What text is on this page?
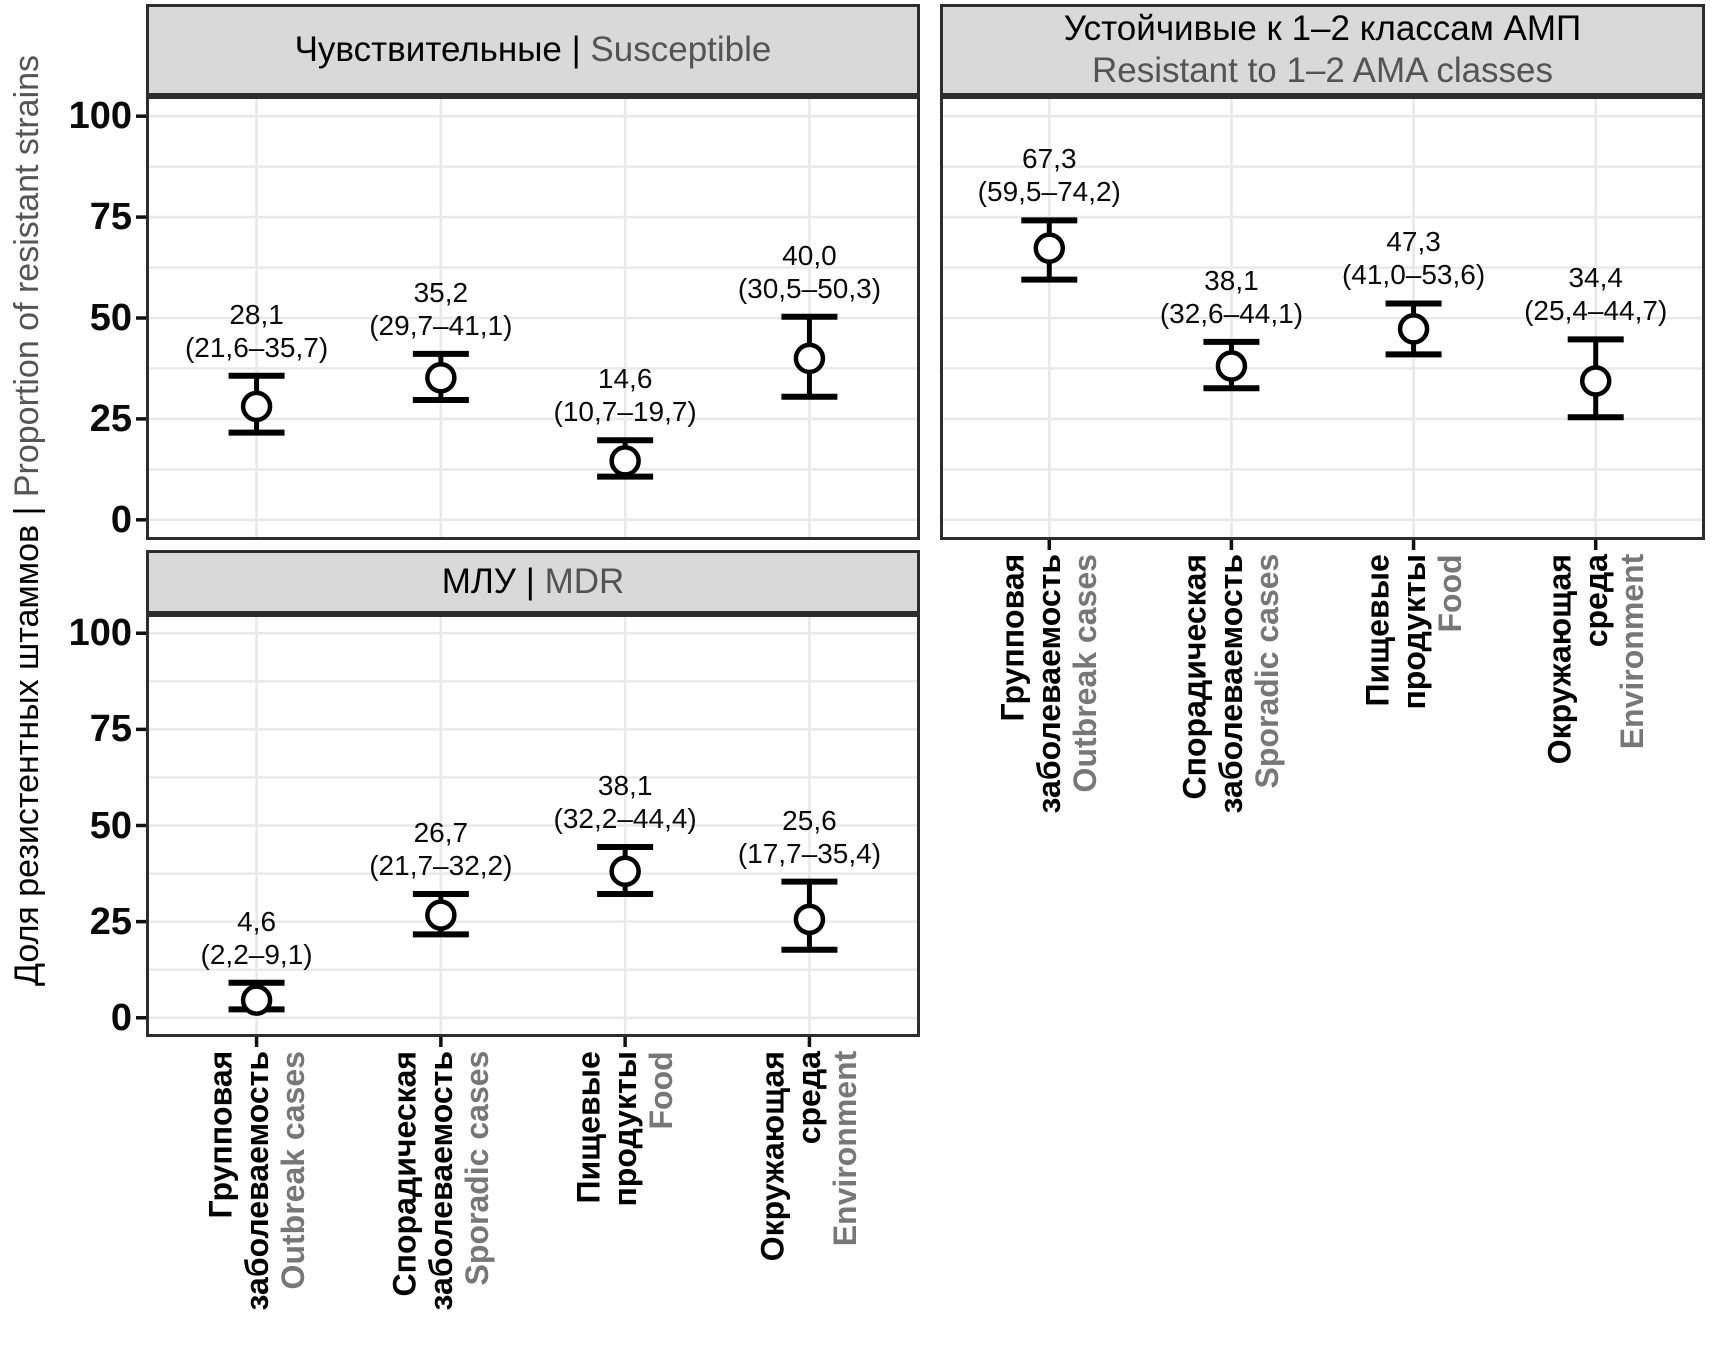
Чувствительные | Susceptible
Устойчивые к 1–2 классам АМП
Resistant to 1–2 AMA classes
МЛУ | MDR
100
75
50
25
0
28,1
(21,6–35,7)
35,2
(29,7–41,1)
14,6
(10,7–19,7)
40,0
(30,5–50,3)
Групповая заболеваемость Outbreak cases Спорадическая заболеваемость Sporadic cases Пищевые продукты Food Окружающая среда Environment
67,3
(59,5–74,2)
38,1
(32,6–44,1)
47,3
(41,0–53,6)	34,4
(25,4–44,7)
100
75
50
25
0
Групповая заболеваемость Outbreak cases Спорадическая заболеваемость Sporadic cases Пищевые продукты Food Окружающая среда Environment
4,6
(2,2–9,1)
26,7
(21,7–32,2)
38,1
(32,2–44,4)	25,6
(17,7–35,4)
Доля резистентных штаммов | Proportion of resistant strains
